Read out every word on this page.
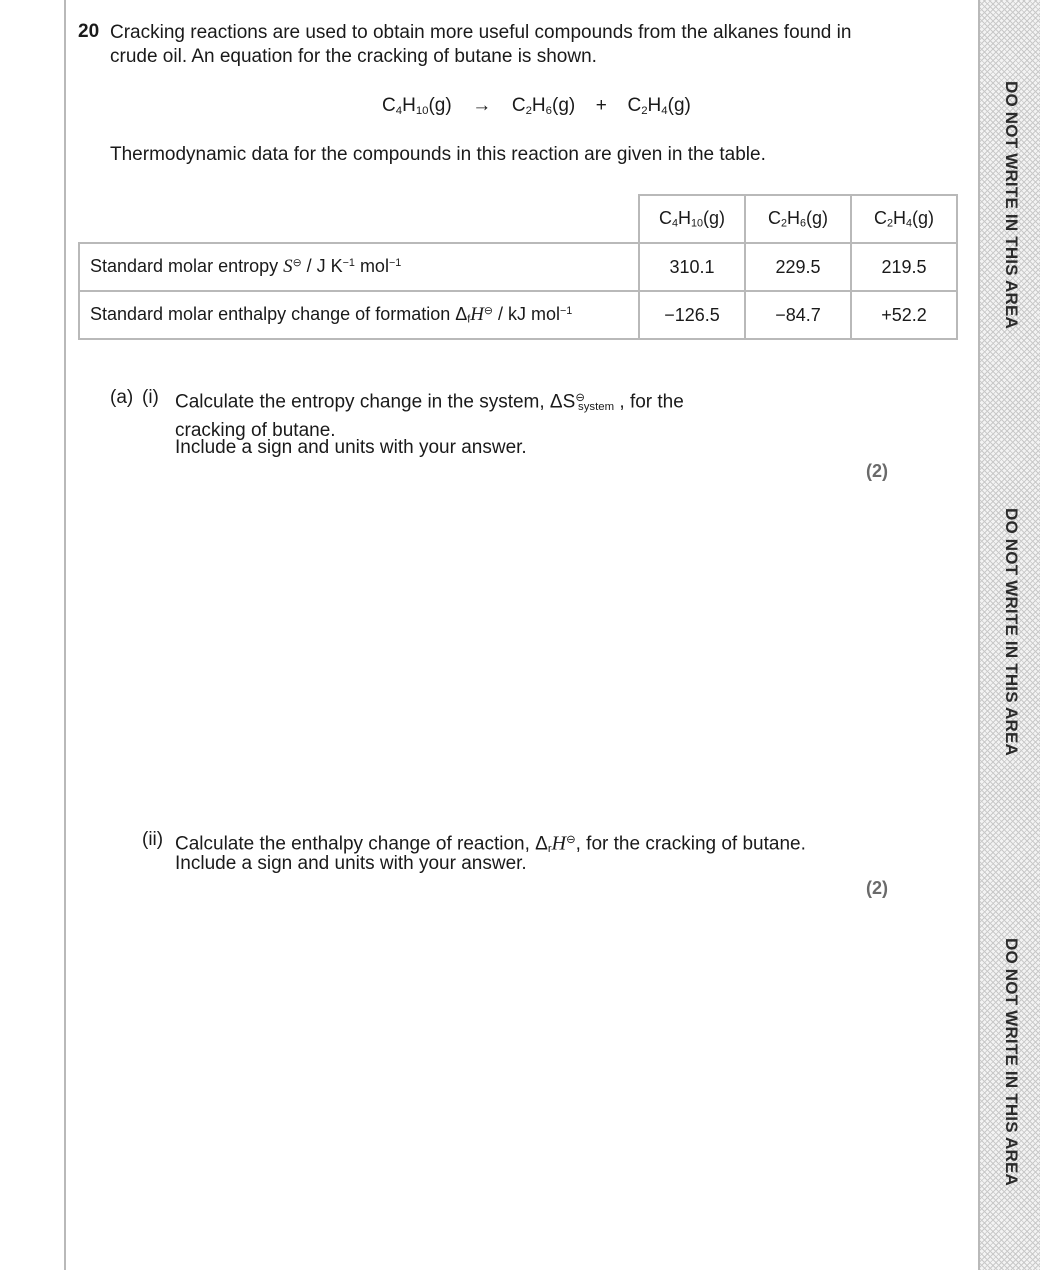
DO NOT WRITE IN THIS AREA
DO NOT WRITE IN THIS AREA
DO NOT WRITE IN THIS AREA
20 Cracking reactions are used to obtain more useful compounds from the alkanes found in crude oil. An equation for the cracking of butane is shown.
$C_4H_{10}(g) \to C_2H_6(g) + C_2H_4(g)$
Thermodynamic data for the compounds in this reaction are given in the table.
	$C_4H_{10}(g)$	$C_2H_6(g)$	$C_2H_4(g)$
Standard molar entropy S⊖ / J $K^{-1}$ mol$^{-1}$	310.1	229.5	219.5
Standard molar enthalpy change of formation $\Delta_fH^⊖$ / kJ mol$^{-1}$	−126.5	−84.7	+52.2
(a) (i) Calculate the entropy change in the system, $\Delta S^⊖_{system}$ , for the cracking of butane.
Include a sign and units with your answer.
(2)
(ii) Calculate the enthalpy change of reaction, $\Delta_rH^⊖$, for the cracking of butane.
Include a sign and units with your answer.
(2)
